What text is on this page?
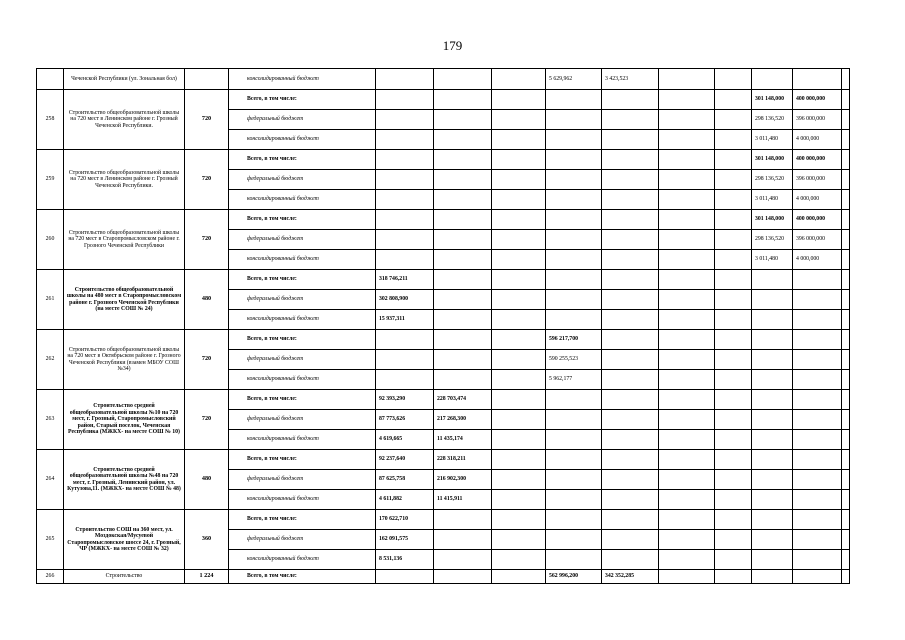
179
	Чеченской Республики (ул. Зональная бол)		консолидированный бюджет				5 629,962	3 423,523					
258	Строительство общеобразовательной школы на 720 мест в Ленинском районе г. Грозный Чеченской Республики.	720	Всего, в том числе:								301 148,000	400 000,000	
			федеральный бюджет								298 136,520	396 000,000	
			консолидированный бюджет								3 011,480	4 000,000	
259	Строительство общеобразовательной школы на 720 мест в Ленинском районе г. Грозный Чеченской Республики.	720	Всего, в том числе:								301 148,000	400 000,000	
			федеральный бюджет								298 136,520	396 000,000	
			консолидированный бюджет								3 011,480	4 000,000	
260	Строительство общеобразовательной школы на 720 мест в Старопромысловском районе г. Грозного Чеченской Республики	720	Всего, в том числе:								301 148,000	400 000,000	
			федеральный бюджет								298 136,520	396 000,000	
			консолидированный бюджет								3 011,480	4 000,000	
261	Строительство общеобразовательной школы на 480 мест в Старопромысловском районе г. Грозного Чеченской Республики (на месте СОШ № 24)	480	Всего, в том числе:	318 746,211									
			федеральный бюджет	302 808,900									
			консолидированный бюджет	15 937,311									
262	Строительство общеобразовательной школы на 720 мест в Октябрьском районе г. Грозного Чеченской Республики (взамен МБОУ СОШ №34)	720	Всего, в том числе:				596 217,700						
			федеральный бюджет				590 255,523						
			консолидированный бюджет				5 962,177						
263	Строительство средней общеобразовательной школы №10 на 720 мест, г. Грозный, Старопромысловский район, Старый поселок, Чеченская Республика (МЖКХ- на месте СОШ № 10)	720	Всего, в том числе:	92 393,290	228 703,474								
			федеральный бюджет	87 773,626	217 268,300								
			консолидированный бюджет	4 619,665	11 435,174								
264	Строительство средней общеобразовательной школы №48 на 720 мест, г. Грозный, Ленинский район, ул. Кутузова,11. (МЖКХ- на месте СОШ № 48)	480	Всего, в том числе:	92 237,640	228 318,211								
			федеральный бюджет	87 625,758	216 902,300								
			консолидированный бюджет	4 611,882	11 415,911								
265	Строительство СОШ на 360 мест, ул. Моздокская/Мусуевой Старопромысловское шоссе 24, г. Грозный, ЧР (МЖКХ- на месте СОШ № 32)	360	Всего, в том числе:	170 622,710									
			федеральный бюджет	162 091,575									
			консолидированный бюджет	8 531,136									
266	Строительство	1 224	Всего, в том числе:				562 996,200	342 352,285					
